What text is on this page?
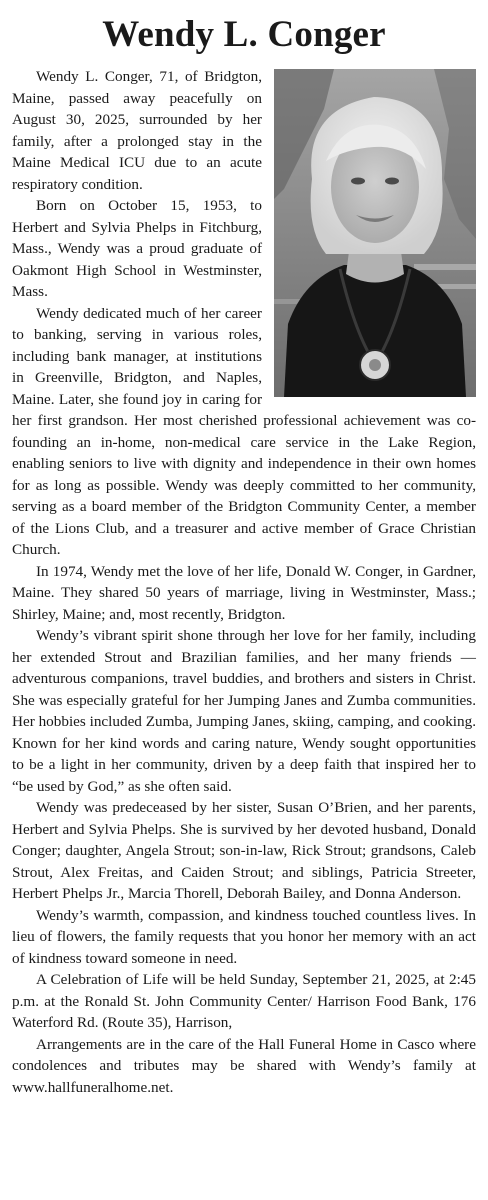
Wendy L. Conger

Wendy L. Conger, 71, of Bridgton, Maine, passed away peacefully on August 30, 2025, surrounded by her family, after a prolonged stay in the Maine Medical ICU due to an acute respiratory condition.

Born on October 15, 1953, to Herbert and Sylvia Phelps in Fitchburg, Mass., Wendy was a proud graduate of Oakmont High School in Westminster, Mass.

Wendy dedicated much of her career to banking, serving in various roles, including bank manager, at institutions in Greenville, Bridgton, and Naples, Maine. Later, she found joy in caring for her first grandson. Her most cherished professional achievement was co-founding an in-home, non-medical care service in the Lake Region, enabling seniors to live with dignity and independence in their own homes for as long as possible. Wendy was deeply committed to her community, serving as a board member of the Bridgton Community Center, a member of the Lions Club, and a treasurer and active member of Grace Christian Church.

In 1974, Wendy met the love of her life, Donald W. Conger, in Gardner, Maine. They shared 50 years of marriage, living in Westminster, Mass.; Shirley, Maine; and, most recently, Bridgton.

Wendy’s vibrant spirit shone through her love for her family, including her extended Strout and Brazilian families, and her many friends — adventurous companions, travel buddies, and brothers and sisters in Christ. She was especially grateful for her Jumping Janes and Zumba communities. Her hobbies included Zumba, Jumping Janes, skiing, camping, and cooking. Known for her kind words and caring nature, Wendy sought opportunities to be a light in her community, driven by a deep faith that inspired her to “be used by God,” as she often said.

Wendy was predeceased by her sister, Susan O’Brien, and her parents, Herbert and Sylvia Phelps. She is survived by her devoted husband, Donald Conger; daughter, Angela Strout; son-in-law, Rick Strout; grandsons, Caleb Strout, Alex Freitas, and Caiden Strout; and siblings, Patricia Streeter, Herbert Phelps Jr., Marcia Thorell, Deborah Bailey, and Donna Anderson.

Wendy’s warmth, compassion, and kindness touched countless lives. In lieu of flowers, the family requests that you honor her memory with an act of kindness toward someone in need.

A Celebration of Life will be held Sunday, September 21, 2025, at 2:45 p.m. at the Ronald St. John Community Center/ Harrison Food Bank, 176 Waterford Rd. (Route 35), Harrison,

Arrangements are in the care of the Hall Funeral Home in Casco where condolences and tributes may be shared with Wendy’s family at www.hallfuneralhome.net.
